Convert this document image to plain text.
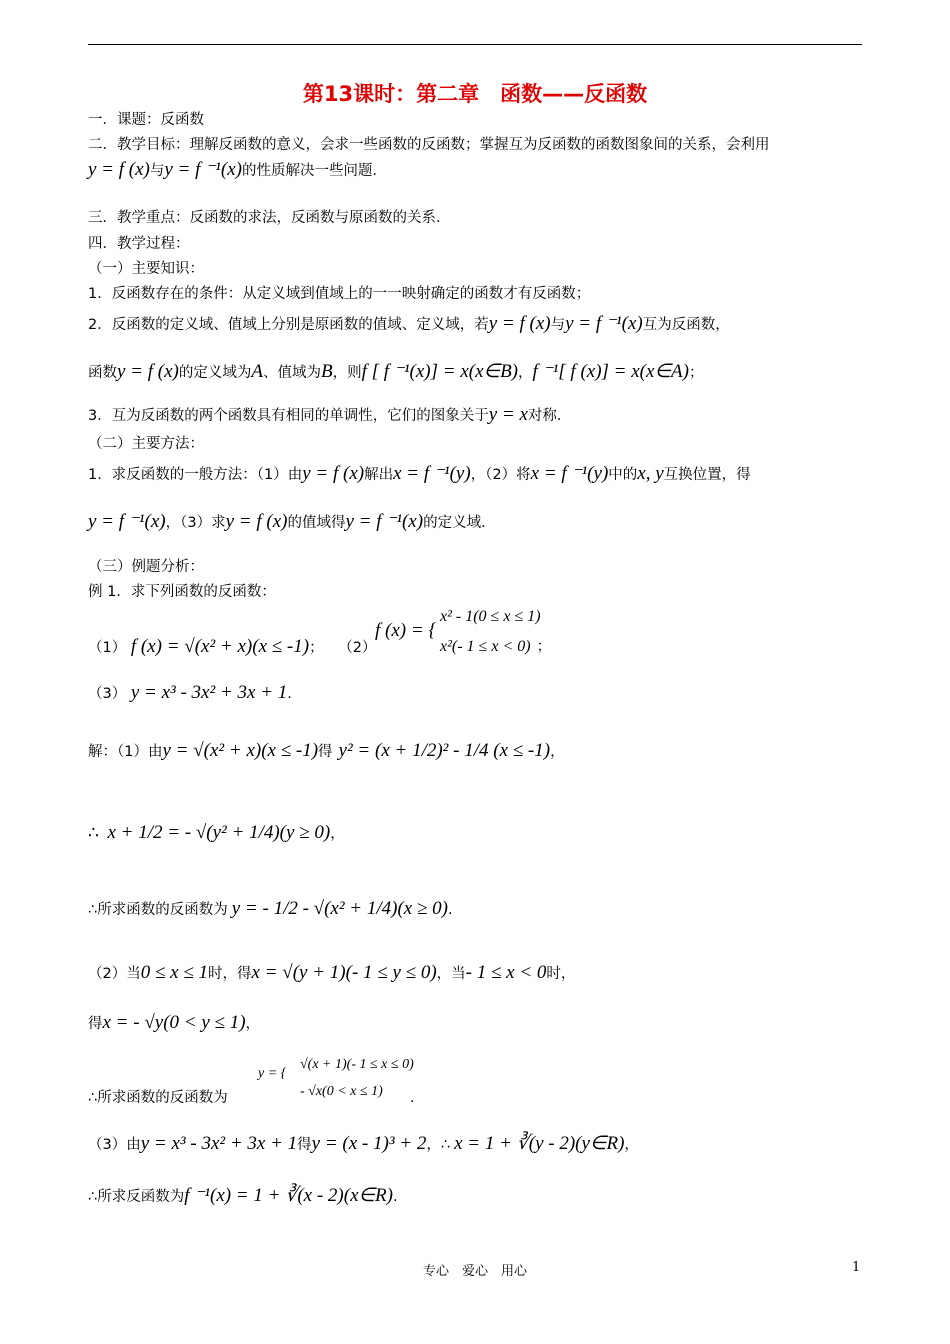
第13课时：第二章　函数——反函数
一．课题：反函数
二．教学目标：理解反函数的意义，会求一些函数的反函数；掌握互为反函数的函数图象间的关系，会利用
y = f (x)与y = f ⁻¹(x)的性质解决一些问题．
三．教学重点：反函数的求法，反函数与原函数的关系．
四．教学过程：
（一）主要知识：
1．反函数存在的条件：从定义域到值域上的一一映射确定的函数才有反函数；
2．反函数的定义域、值域上分别是原函数的值域、定义域，若y = f (x)与y = f ⁻¹(x)互为反函数，
函数y = f (x)的定义域为A、值域为B，则f [ f ⁻¹(x)] = x(x∈B)，f ⁻¹[ f (x)] = x(x∈A)；
3．互为反函数的两个函数具有相同的单调性，它们的图象关于y = x对称．
（二）主要方法：
1．求反函数的一般方法：（1）由y = f (x)解出x = f ⁻¹(y)，（2）将x = f ⁻¹(y)中的x, y互换位置，得
y = f ⁻¹(x)，（3）求y = f (x)的值域得y = f ⁻¹(x)的定义域．
（三）例题分析：
例 1．求下列函数的反函数：
（1） f (x) = √(x² + x)(x ≤ -1)； （2）
f (x) = {
x² - 1(0 ≤ x ≤ 1)
x²(- 1 ≤ x < 0) ；
（3） y = x³ - 3x² + 3x + 1.
解：（1）由y = √(x² + x)(x ≤ -1)得 y² = (x + 1/2)² - 1/4 (x ≤ -1)，
∴ x + 1/2 = - √(y² + 1/4)(y ≥ 0)，
∴所求函数的反函数为 y = - 1/2 - √(x² + 1/4)(x ≥ 0).
（2）当0 ≤ x ≤ 1时，得x = √(y + 1)(- 1 ≤ y ≤ 0)，当- 1 ≤ x < 0时，
得x = - √y(0 < y ≤ 1)，
∴所求函数的反函数为
y = {
√(x + 1)(- 1 ≤ x ≤ 0)
- √x(0 < x ≤ 1) .
（3）由y = x³ - 3x² + 3x + 1得y = (x - 1)³ + 2，∴ x = 1 + ∛(y - 2)(y∈R)，
∴所求反函数为f ⁻¹(x) = 1 + ∛(x - 2)(x∈R).
专心　爱心　用心	1
